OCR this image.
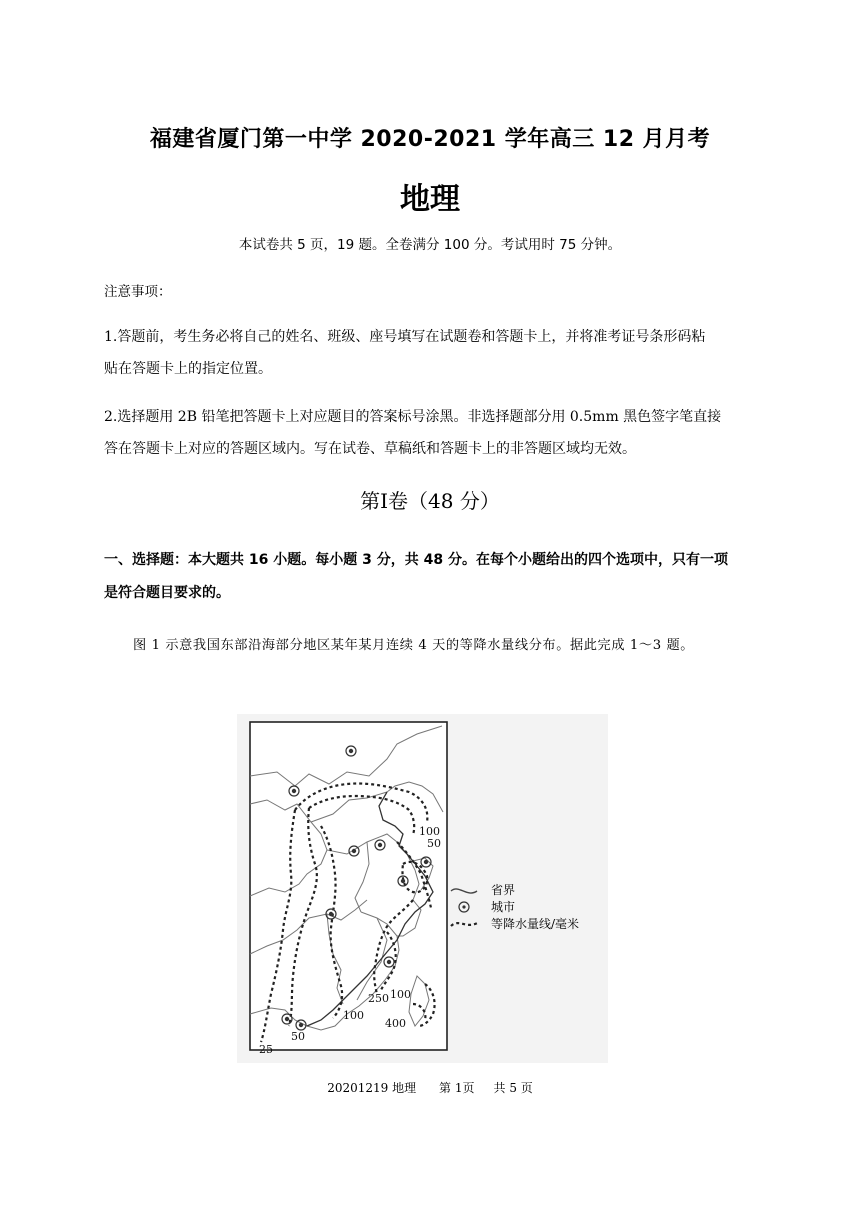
福建省厦门第一中学 2020-2021 学年高三 12 月月考
地理
本试卷共 5 页，19 题。全卷满分 100 分。考试用时 75 分钟。
注意事项：
1.答题前，考生务必将自己的姓名、班级、座号填写在试题卷和答题卡上，并将准考证号条形码粘
贴在答题卡上的指定位置。
2.选择题用 2B 铅笔把答题卡上对应题目的答案标号涂黑。非选择题部分用 0.5mm 黑色签字笔直接
答在答题卡上对应的答题区域内。写在试卷、草稿纸和答题卡上的非答题区域均无效。
第Ⅰ卷（48 分）
一、选择题：本大题共 16 小题。每小题 3 分，共 48 分。在每个小题给出的四个选项中，只有一项
是符合题目要求的。
图 1 示意我国东部沿海部分地区某年某月连续 4 天的等降水量线分布。据此完成 1～3 题。
100
50
250
100
100
400
25
50
省界
城市
等降水量线/毫米
20201219 地理 第 1页 共 5 页
